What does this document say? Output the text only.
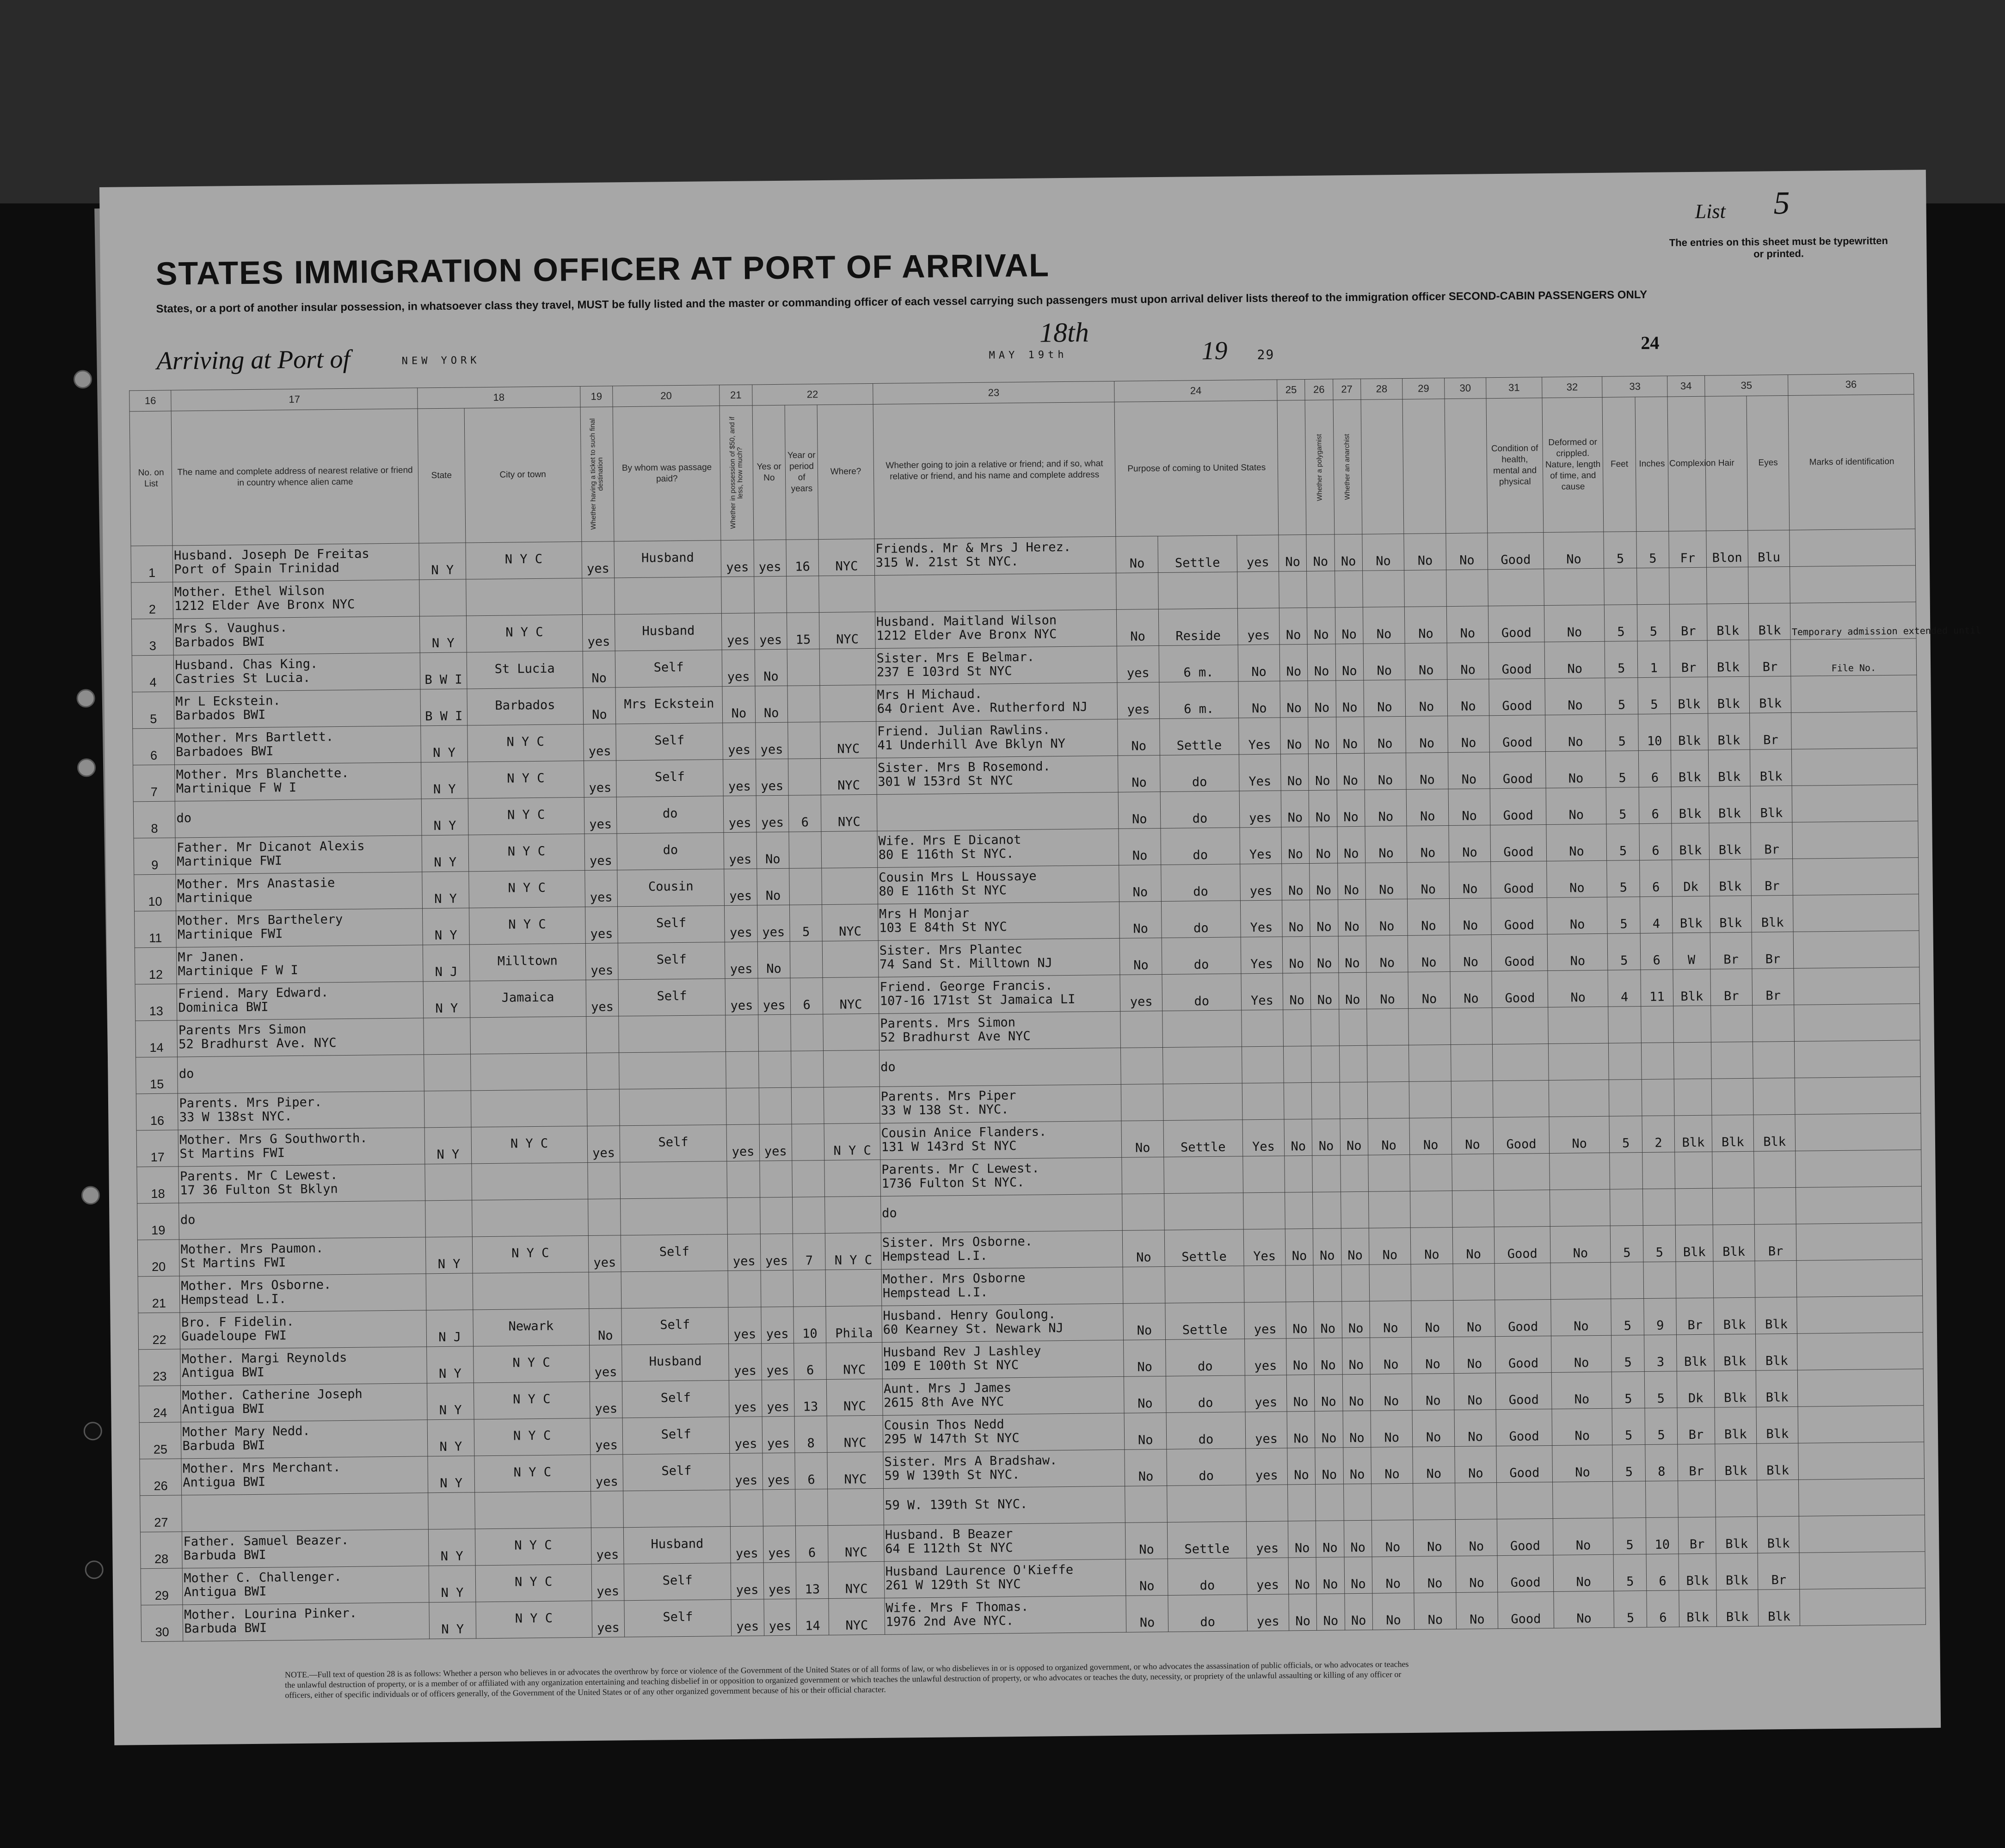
List 5
The entries on this sheet must be typewritten or printed.
STATES IMMIGRATION OFFICER AT PORT OF ARRIVAL
States, or a port of another insular possession, in whatsoever class they travel, MUST be fully listed and the master or commanding officer of each vessel carrying such passengers must upon arrival deliver lists thereof to the immigration officer SECOND-CABIN PASSENGERS ONLY
Arriving at Port of	NEW YORK	MAY 19th
18th
19 29
24
16	17	18		19	20	21	22			23	24			25	26	27	28	29	30	31	32	33		34	35		36
No. on List	The name and complete address of nearest relative or friend in country whence alien came	State	City or town	Whether having a ticket to such final destination	By whom was passage paid?	Whether in possession of $50, and if less, how much?	Yes or No	Year or period of years	Where?	Whether going to join a relative or friend; and if so, what relative or friend, and his name and complete address	Purpose of coming to United States				Whether a polygamist	Whether an anarchist				Condition of health, mental and physical	Deformed or crippled. Nature, length of time, and cause	Feet	Inches	Complexion	Hair	Eyes	Marks of identification
1	Husband. Joseph De Freitas
Port of Spain Trinidad	N Y	N Y C	yes	Husband	yes	yes	16	NYC	Friends. Mr & Mrs J Herez.
315 W. 21st St NYC.	No	Settle	yes	No	No	No	No	No	No	Good	No	5	5	Fr	Blon	Blu	
2	Mother. Ethel Wilson
1212 Elder Ave Bronx NYC																										
3	Mrs S. Vaughus.
Barbados BWI	N Y	N Y C	yes	Husband	yes	yes	15	NYC	Husband. Maitland Wilson
1212 Elder Ave Bronx NYC	No	Reside	yes	No	No	No	No	No	No	Good	No	5	5	Br	Blk	Blk	Temporary admission extended until
4	Husband. Chas King.
Castries St Lucia.	B W I	St Lucia	No	Self	yes	No			Sister. Mrs E Belmar.
237 E 103rd St NYC	yes	6 m.	No	No	No	No	No	No	No	Good	No	5	1	Br	Blk	Br	File No.
5	Mr L Eckstein.
Barbados BWI	B W I	Barbados	No	Mrs Eckstein	No	No			Mrs H Michaud.
64 Orient Ave. Rutherford NJ	yes	6 m.	No	No	No	No	No	No	No	Good	No	5	5	Blk	Blk	Blk	
6	Mother. Mrs Bartlett.
Barbadoes BWI	N Y	N Y C	yes	Self	yes	yes		NYC	Friend. Julian Rawlins.
41 Underhill Ave Bklyn NY	No	Settle	Yes	No	No	No	No	No	No	Good	No	5	10	Blk	Blk	Br	
7	Mother. Mrs Blanchette.
Martinique F W I	N Y	N Y C	yes	Self	yes	yes		NYC	Sister. Mrs B Rosemond.
301 W 153rd St NYC	No	do	Yes	No	No	No	No	No	No	Good	No	5	6	Blk	Blk	Blk	
8	do	N Y	N Y C	yes	do	yes	yes	6	NYC		No	do	yes	No	No	No	No	No	No	Good	No	5	6	Blk	Blk	Blk	
9	Father. Mr Dicanot Alexis
Martinique FWI	N Y	N Y C	yes	do	yes	No			Wife. Mrs E Dicanot
80 E 116th St NYC.	No	do	Yes	No	No	No	No	No	No	Good	No	5	6	Blk	Blk	Br	
10	Mother. Mrs Anastasie
Martinique	N Y	N Y C	yes	Cousin	yes	No			Cousin Mrs L Houssaye
80 E 116th St NYC	No	do	yes	No	No	No	No	No	No	Good	No	5	6	Dk	Blk	Br	
11	Mother. Mrs Barthelery
Martinique FWI	N Y	N Y C	yes	Self	yes	yes	5	NYC	Mrs H Monjar
103 E 84th St NYC	No	do	Yes	No	No	No	No	No	No	Good	No	5	4	Blk	Blk	Blk	
12	Mr Janen.
Martinique F W I	N J	Milltown	yes	Self	yes	No			Sister. Mrs Plantec
74 Sand St. Milltown NJ	No	do	Yes	No	No	No	No	No	No	Good	No	5	6	W	Br	Br	
13	Friend. Mary Edward.
Dominica BWI	N Y	Jamaica	yes	Self	yes	yes	6	NYC	Friend. George Francis.
107-16 171st St Jamaica LI	yes	do	Yes	No	No	No	No	No	No	Good	No	4	11	Blk	Br	Br	
14	Parents Mrs Simon
52 Bradhurst Ave. NYC									Parents. Mrs Simon
52 Bradhurst Ave NYC																	
15	do									do																	
16	Parents. Mrs Piper.
33 W 138st NYC.									Parents. Mrs Piper
33 W 138 St. NYC.																	
17	Mother. Mrs G Southworth.
St Martins FWI	N Y	N Y C	yes	Self	yes	yes		N Y C	Cousin Anice Flanders.
131 W 143rd St NYC	No	Settle	Yes	No	No	No	No	No	No	Good	No	5	2	Blk	Blk	Blk	
18	Parents. Mr C Lewest.
17 36 Fulton St Bklyn									Parents. Mr C Lewest.
1736 Fulton St NYC.																	
19	do									do																	
20	Mother. Mrs Paumon.
St Martins FWI	N Y	N Y C	yes	Self	yes	yes	7	N Y C	Sister. Mrs Osborne.
Hempstead L.I.	No	Settle	Yes	No	No	No	No	No	No	Good	No	5	5	Blk	Blk	Br	
21	Mother. Mrs Osborne.
Hempstead L.I.									Mother. Mrs Osborne
Hempstead L.I.																	
22	Bro. F Fidelin.
Guadeloupe FWI	N J	Newark	No	Self	yes	yes	10	Phila	Husband. Henry Goulong.
60 Kearney St. Newark NJ	No	Settle	yes	No	No	No	No	No	No	Good	No	5	9	Br	Blk	Blk	
23	Mother. Margi Reynolds
Antigua BWI	N Y	N Y C	yes	Husband	yes	yes	6	NYC	Husband Rev J Lashley
109 E 100th St NYC	No	do	yes	No	No	No	No	No	No	Good	No	5	3	Blk	Blk	Blk	
24	Mother. Catherine Joseph
Antigua BWI	N Y	N Y C	yes	Self	yes	yes	13	NYC	Aunt. Mrs J James
2615 8th Ave NYC	No	do	yes	No	No	No	No	No	No	Good	No	5	5	Dk	Blk	Blk	
25	Mother Mary Nedd.
Barbuda BWI	N Y	N Y C	yes	Self	yes	yes	8	NYC	Cousin Thos Nedd
295 W 147th St NYC	No	do	yes	No	No	No	No	No	No	Good	No	5	5	Br	Blk	Blk	
26	Mother. Mrs Merchant.
Antigua BWI	N Y	N Y C	yes	Self	yes	yes	6	NYC	Sister. Mrs A Bradshaw.
59 W 139th St NYC.	No	do	yes	No	No	No	No	No	No	Good	No	5	8	Br	Blk	Blk	
27										59 W. 139th St NYC.																	
28	Father. Samuel Beazer.
Barbuda BWI	N Y	N Y C	yes	Husband	yes	yes	6	NYC	Husband. B Beazer
64 E 112th St NYC	No	Settle	yes	No	No	No	No	No	No	Good	No	5	10	Br	Blk	Blk	
29	Mother C. Challenger.
Antigua BWI	N Y	N Y C	yes	Self	yes	yes	13	NYC	Husband Laurence O'Kieffe
261 W 129th St NYC	No	do	yes	No	No	No	No	No	No	Good	No	5	6	Blk	Blk	Br	
30	Mother. Lourina Pinker.
Barbuda BWI	N Y	N Y C	yes	Self	yes	yes	14	NYC	Wife. Mrs F Thomas.
1976 2nd Ave NYC.	No	do	yes	No	No	No	No	No	No	Good	No	5	6	Blk	Blk	Blk	
NOTE.—Full text of question 28 is as follows: Whether a person who believes in or advocates the overthrow by force or violence of the Government of the United States or of all forms of law, or who disbelieves in or is opposed to organized government, or who advocates the assassination of public officials, or who advocates or teaches the unlawful destruction of property, or is a member of or affiliated with any organization entertaining and teaching disbelief in or opposition to organized government or which teaches the unlawful destruction of property, or who advocates or teaches the duty, necessity, or propriety of the unlawful assaulting or killing of any officer or officers, either of specific individuals or of officers generally, of the Government of the United States or of any other organized government because of his or their official character.
